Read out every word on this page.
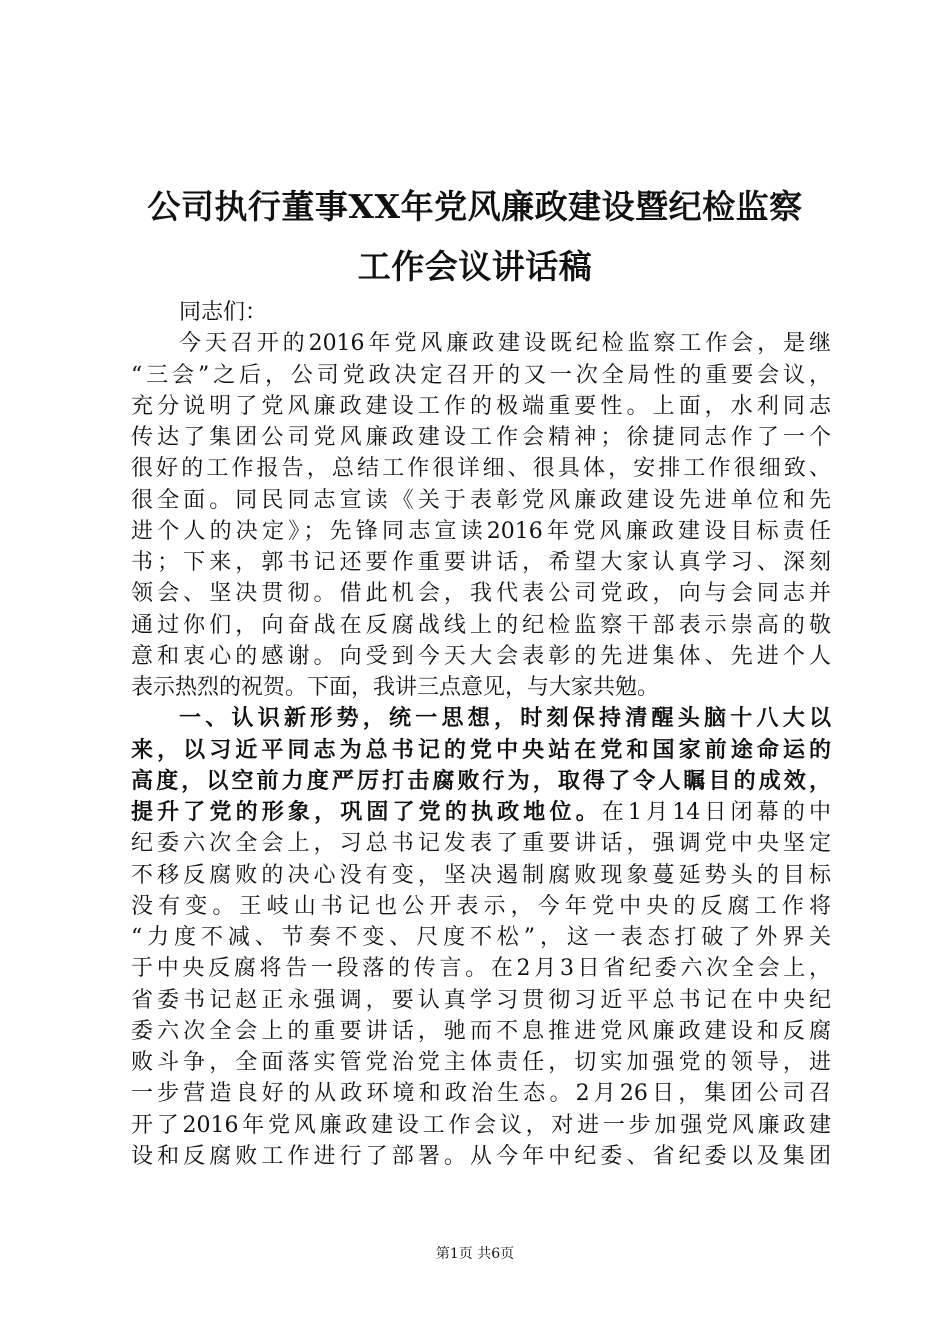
公司执行董事XX年党风廉政建设暨纪检监察
工作会议讲话稿
同志们：
今天召开的2016年党风廉政建设既纪检监察工作会，是继
“三会”之后，公司党政决定召开的又一次全局性的重要会议，
充分说明了党风廉政建设工作的极端重要性。上面，水利同志
传达了集团公司党风廉政建设工作会精神；徐捷同志作了一个
很好的工作报告，总结工作很详细、很具体，安排工作很细致、
很全面。同民同志宣读《关于表彰党风廉政建设先进单位和先
进个人的决定》；先锋同志宣读2016年党风廉政建设目标责任
书；下来，郭书记还要作重要讲话，希望大家认真学习、深刻
领会、坚决贯彻。借此机会，我代表公司党政，向与会同志并
通过你们，向奋战在反腐战线上的纪检监察干部表示崇高的敬
意和衷心的感谢。向受到今天大会表彰的先进集体、先进个人
表示热烈的祝贺。下面，我讲三点意见，与大家共勉。
一、认识新形势，统一思想，时刻保持清醒头脑十八大以
来，以习近平同志为总书记的党中央站在党和国家前途命运的
高度，以空前力度严厉打击腐败行为，取得了令人瞩目的成效，
提升了党的形象，巩固了党的执政地位。在1月14日闭幕的中
纪委六次全会上，习总书记发表了重要讲话，强调党中央坚定
不移反腐败的决心没有变，坚决遏制腐败现象蔓延势头的目标
没有变。王岐山书记也公开表示，今年党中央的反腐工作将
“力度不减、节奏不变、尺度不松”，这一表态打破了外界关
于中央反腐将告一段落的传言。在2月3日省纪委六次全会上，
省委书记赵正永强调，要认真学习贯彻习近平总书记在中央纪
委六次全会上的重要讲话，驰而不息推进党风廉政建设和反腐
败斗争，全面落实管党治党主体责任，切实加强党的领导，进
一步营造良好的从政环境和政治生态。2月26日，集团公司召
开了2016年党风廉政建设工作会议，对进一步加强党风廉政建
设和反腐败工作进行了部署。从今年中纪委、省纪委以及集团
第1页 共6页
